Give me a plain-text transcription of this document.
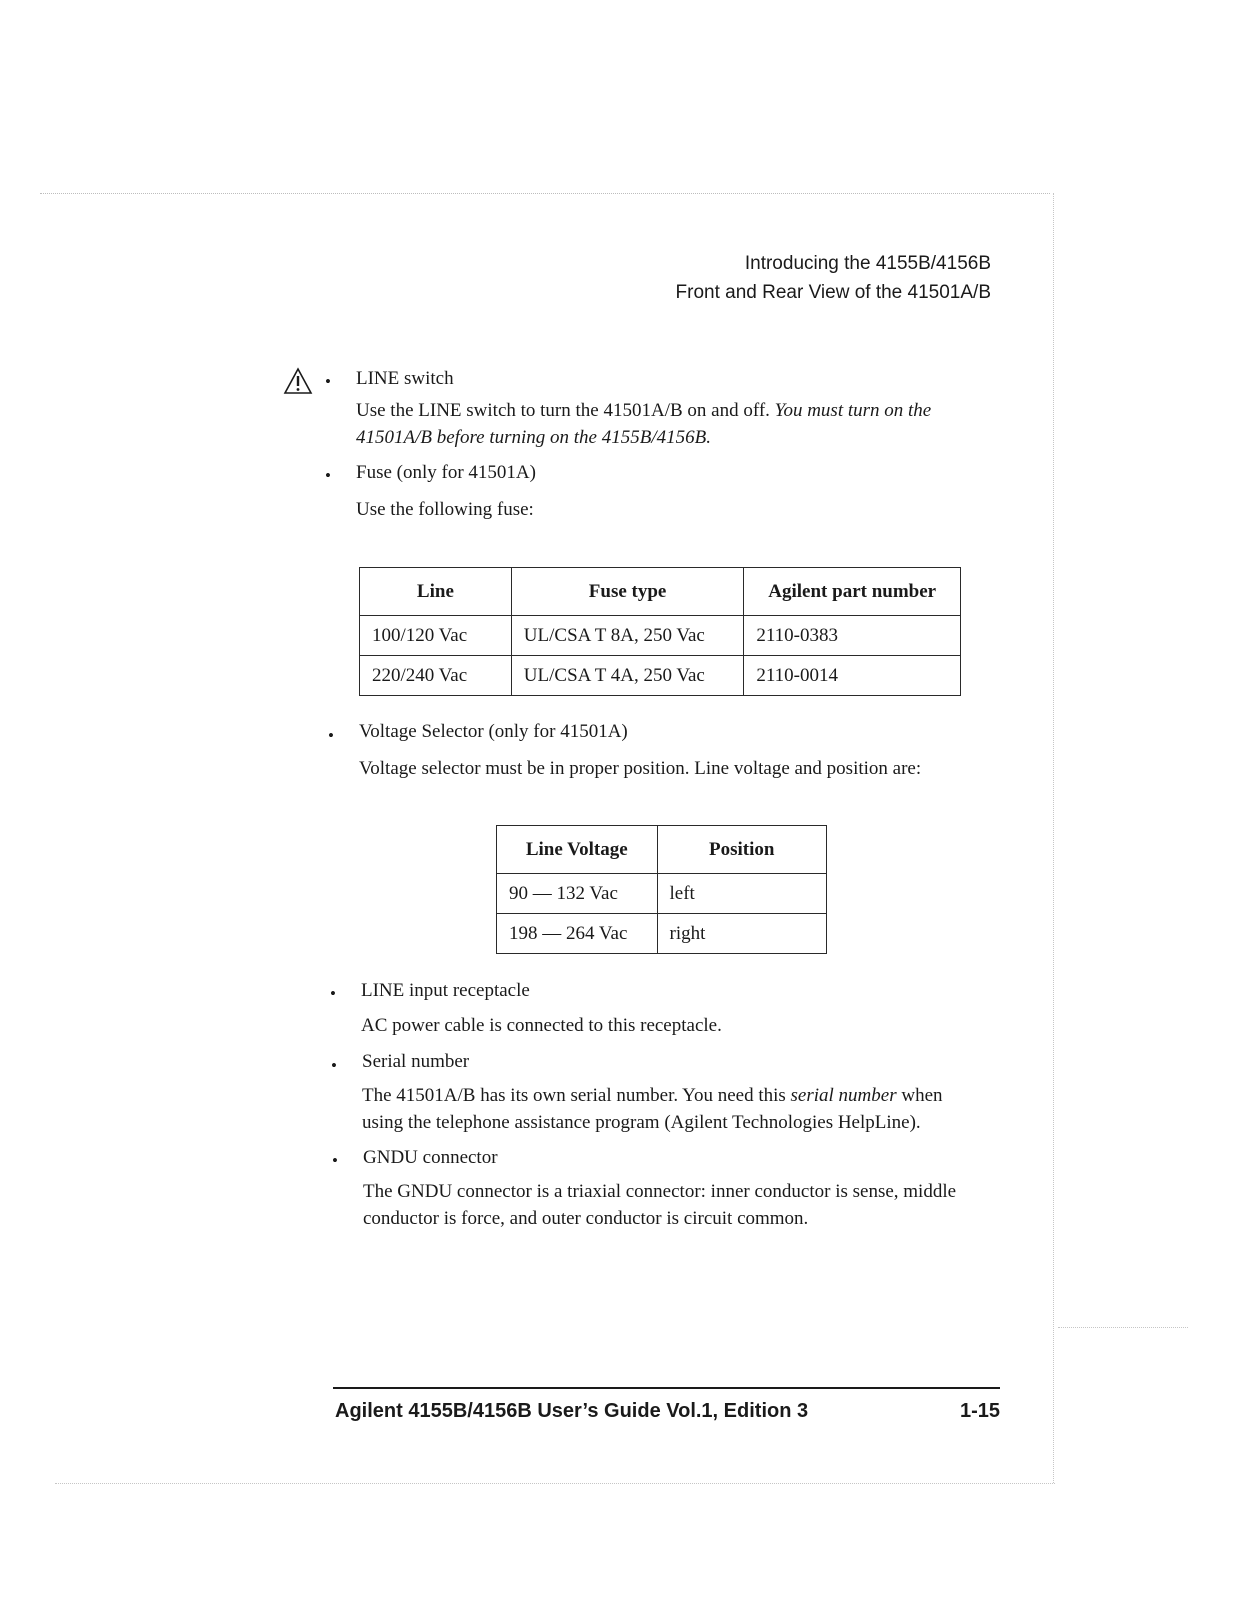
Introducing the 4155B/4156B
Front and Rear View of the 41501A/B
• LINE switch
Use the LINE switch to turn the 41501A/B on and off. You must turn on the 41501A/B before turning on the 4155B/4156B.
• Fuse (only for 41501A)
Use the following fuse:
Line	Fuse type	Agilent part number
100/120 Vac	UL/CSA T 8A, 250 Vac	2110-0383
220/240 Vac	UL/CSA T 4A, 250 Vac	2110-0014
• Voltage Selector (only for 41501A)
Voltage selector must be in proper position. Line voltage and position are:
Line Voltage	Position
90 — 132 Vac	left
198 — 264 Vac	right
• LINE input receptacle
AC power cable is connected to this receptacle.
• Serial number
The 41501A/B has its own serial number. You need this serial number when using the telephone assistance program (Agilent Technologies HelpLine).
• GNDU connector
The GNDU connector is a triaxial connector: inner conductor is sense, middle conductor is force, and outer conductor is circuit common.
Agilent 4155B/4156B User’s Guide Vol.1, Edition 3	1-15
